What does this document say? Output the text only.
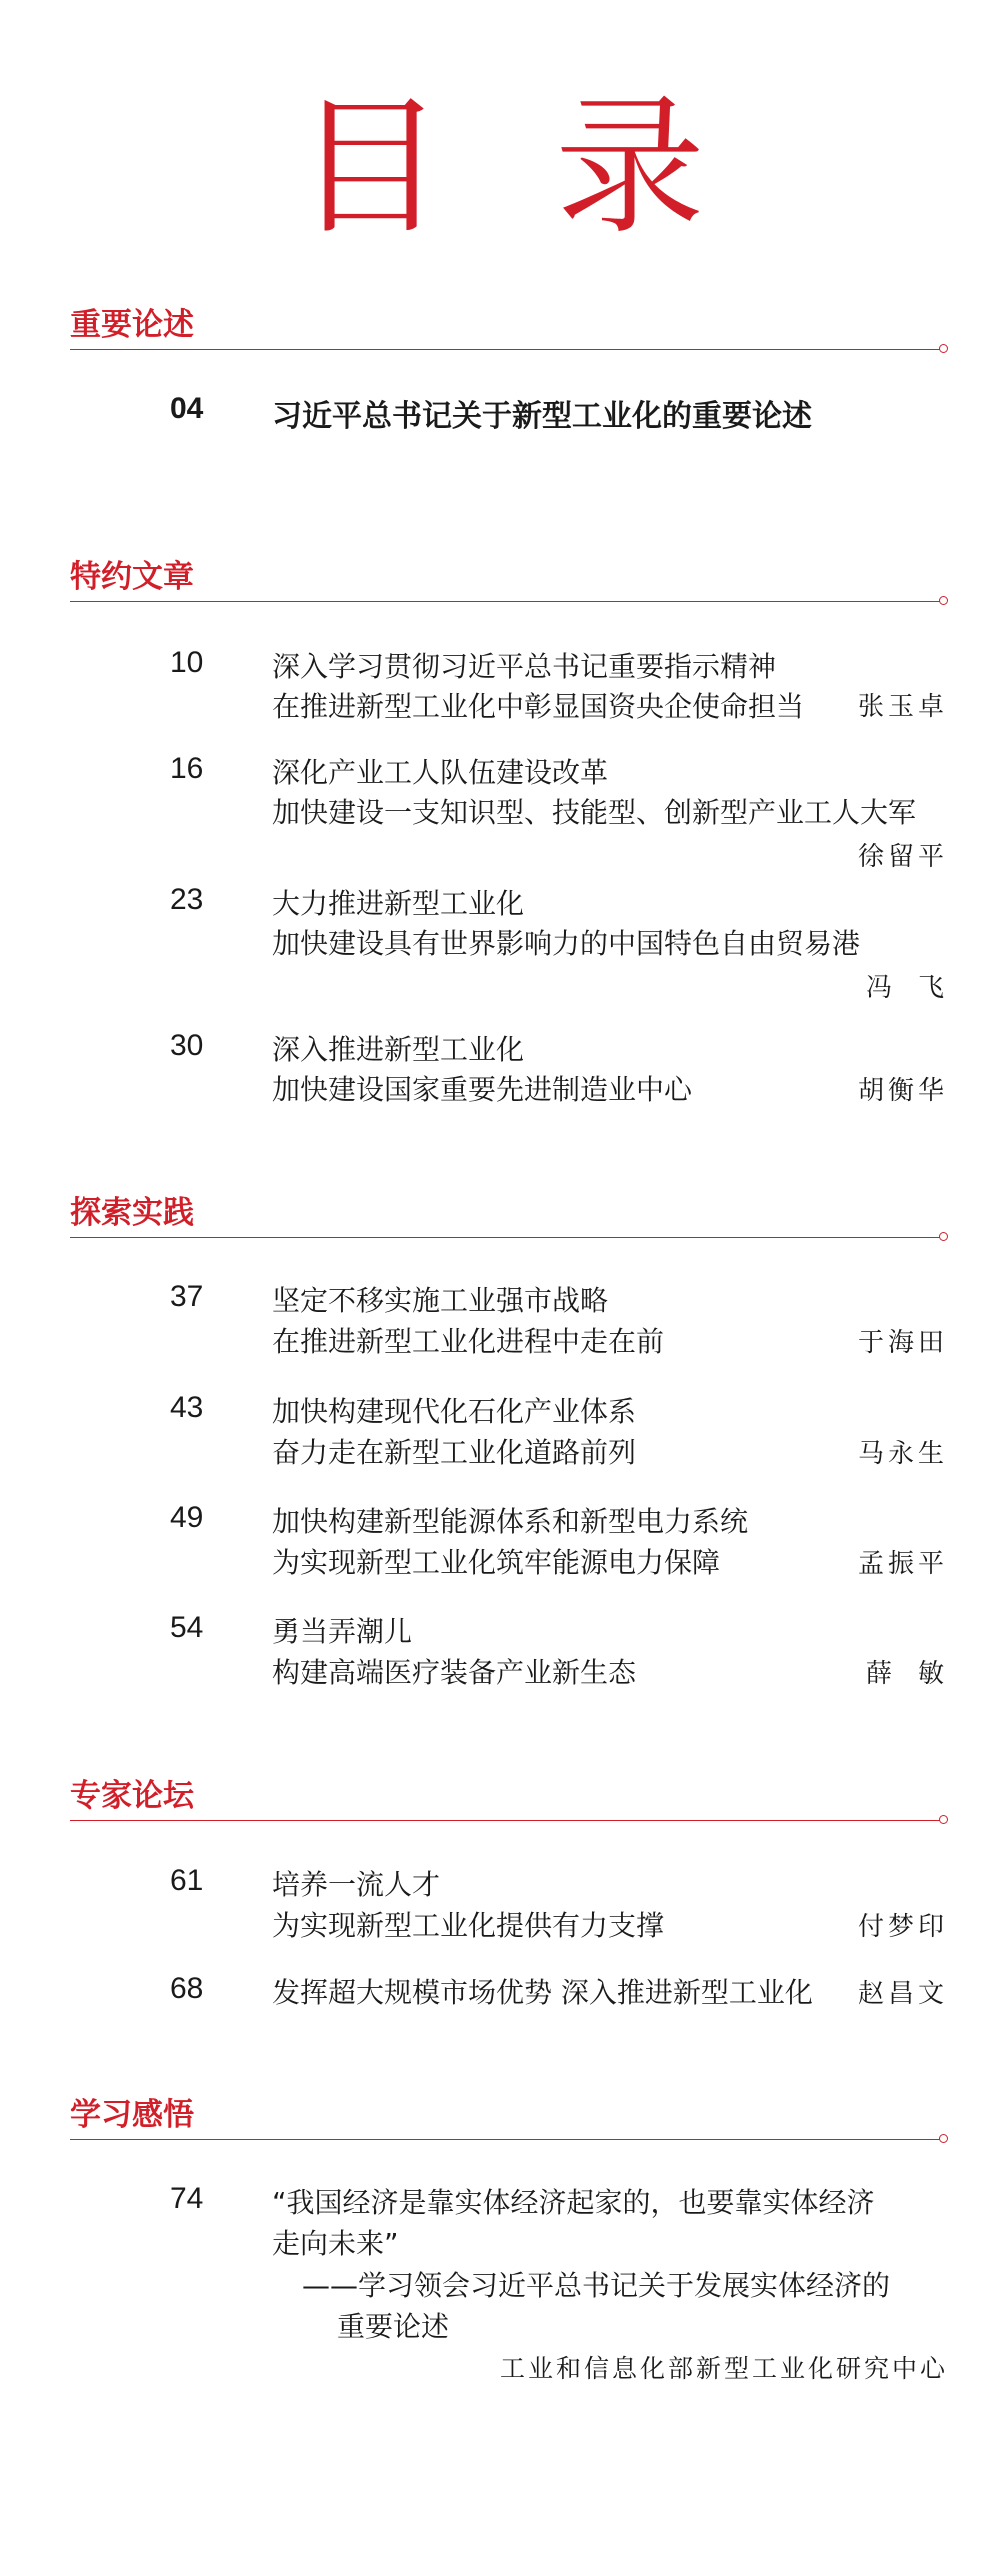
目录
重要论述
04 习近平总书记关于新型工业化的重要论述
特约文章
10 深入学习贯彻习近平总书记重要指示精神
在推进新型工业化中彰显国资央企使命担当 张玉卓
16 深化产业工人队伍建设改革
加快建设一支知识型、技能型、创新型产业工人大军
徐留平
23 大力推进新型工业化
加快建设具有世界影响力的中国特色自由贸易港
冯飞
30 深入推进新型工业化
加快建设国家重要先进制造业中心	胡衡华
探索实践
37 坚定不移实施工业强市战略
在推进新型工业化进程中走在前	于海田
43 加快构建现代化石化产业体系
奋力走在新型工业化道路前列	马永生
49 加快构建新型能源体系和新型电力系统
为实现新型工业化筑牢能源电力保障	孟振平
54 勇当弄潮儿
构建高端医疗装备产业新生态	薛敏
专家论坛
61 培养一流人才
为实现新型工业化提供有力支撑	付梦印
68 发挥超大规模市场优势 深入推进新型工业化 赵昌文
学习感悟
74 “我国经济是靠实体经济起家的，也要靠实体经济
走向未来”
——学习领会习近平总书记关于发展实体经济的
重要论述
工业和信息化部新型工业化研究中心
